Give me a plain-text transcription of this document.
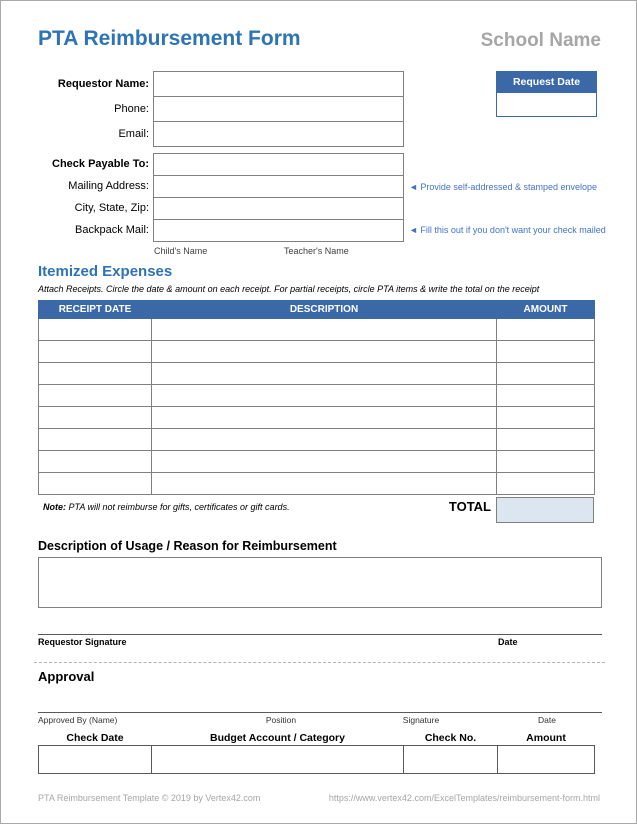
PTA Reimbursement Form	School Name
Requestor Name:
Phone:
Email:
Request Date
Check Payable To:
Mailing Address:
City, State, Zip:
Backpack Mail:
◄ Provide self-addressed & stamped envelope
◄ Fill this out if you don't want your check mailed
Child's Name	Teacher's Name
Itemized Expenses
Attach Receipts. Circle the date & amount on each receipt. For partial receipts, circle PTA items & write the total on the receipt
RECEIPT DATE	DESCRIPTION	AMOUNT

Note: PTA will not reimburse for gifts, certificates or gift cards.	TOTAL
Description of Usage / Reason for Reimbursement
Requestor Signature	Date
Approval
Approved By (Name)	Position	Signature	Date
Check Date	Budget Account / Category	Check No.	Amount
PTA Reimbursement Template © 2019 by Vertex42.com	https://www.vertex42.com/ExcelTemplates/reimbursement-form.html
